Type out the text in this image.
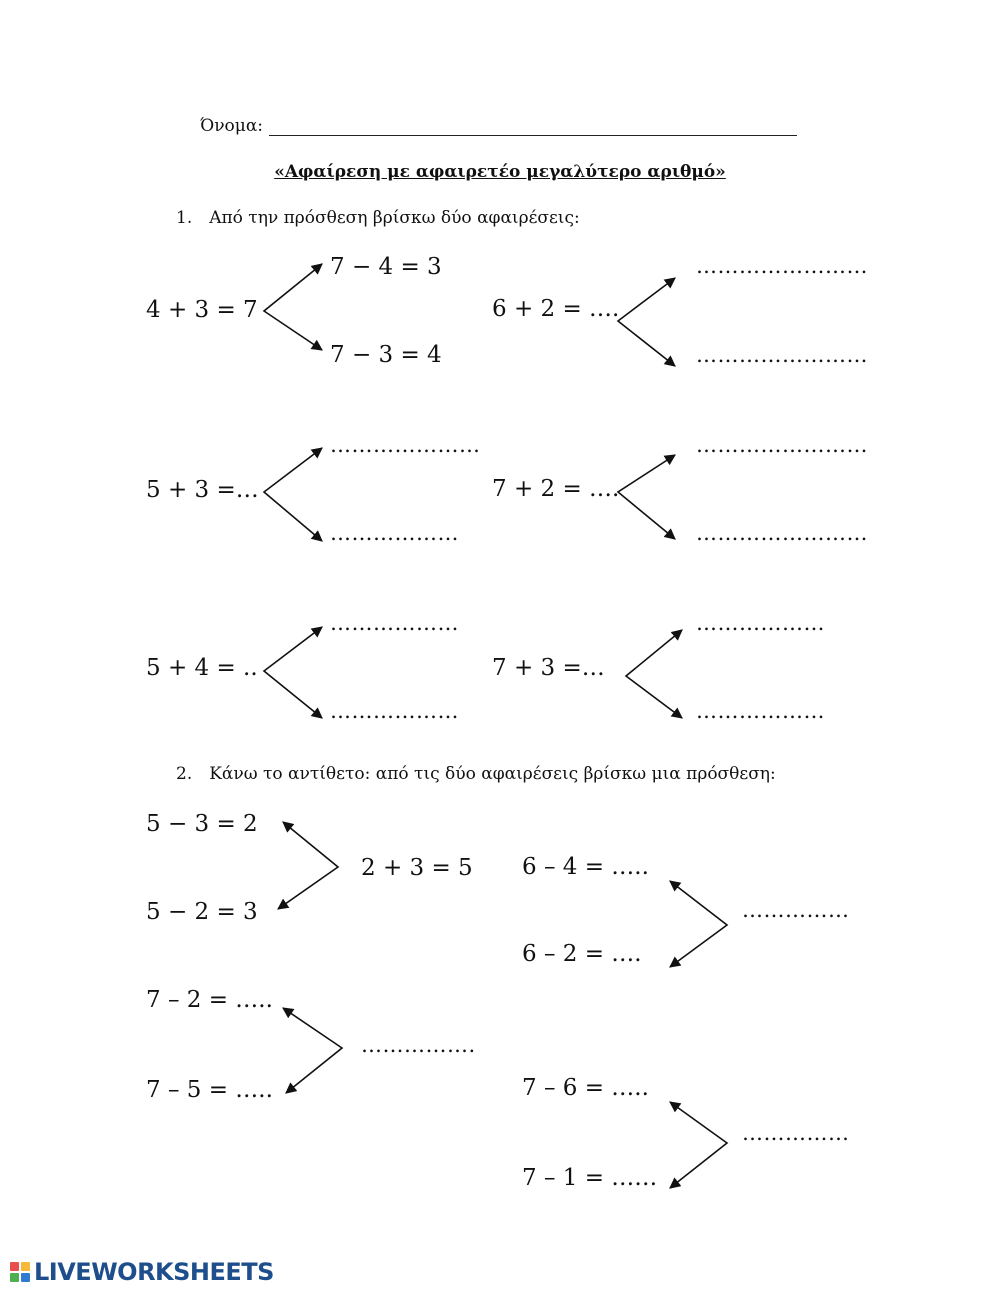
Όνομα:
«Αφαίρεση με αφαιρετέο μεγαλύτερο αριθμό»
1. Από την πρόσθεση βρίσκω δύο αφαιρέσεις:
4 + 3 = 7
7 − 4 = 3
7 − 3 = 4
6 + 2 = ….
……………………
……………………
5 + 3 =…
…………………
………………
7 + 2 = ….
……………………
……………………
5 + 4 = ..
………………
………………
7 + 3 =…
………………
………………
2. Κάνω το αντίθετο: από τις δύο αφαιρέσεις βρίσκω μια πρόσθεση:
5 − 3 = 2
5 − 2 = 3
2 + 3 = 5 6 – 4 = …..
6 – 2 = ….
……………
7 – 2 = …..
7 – 5 = …..
…………….
7 – 6 = …..
7 – 1 = ……
……………
LIVEWORKSHEETS
